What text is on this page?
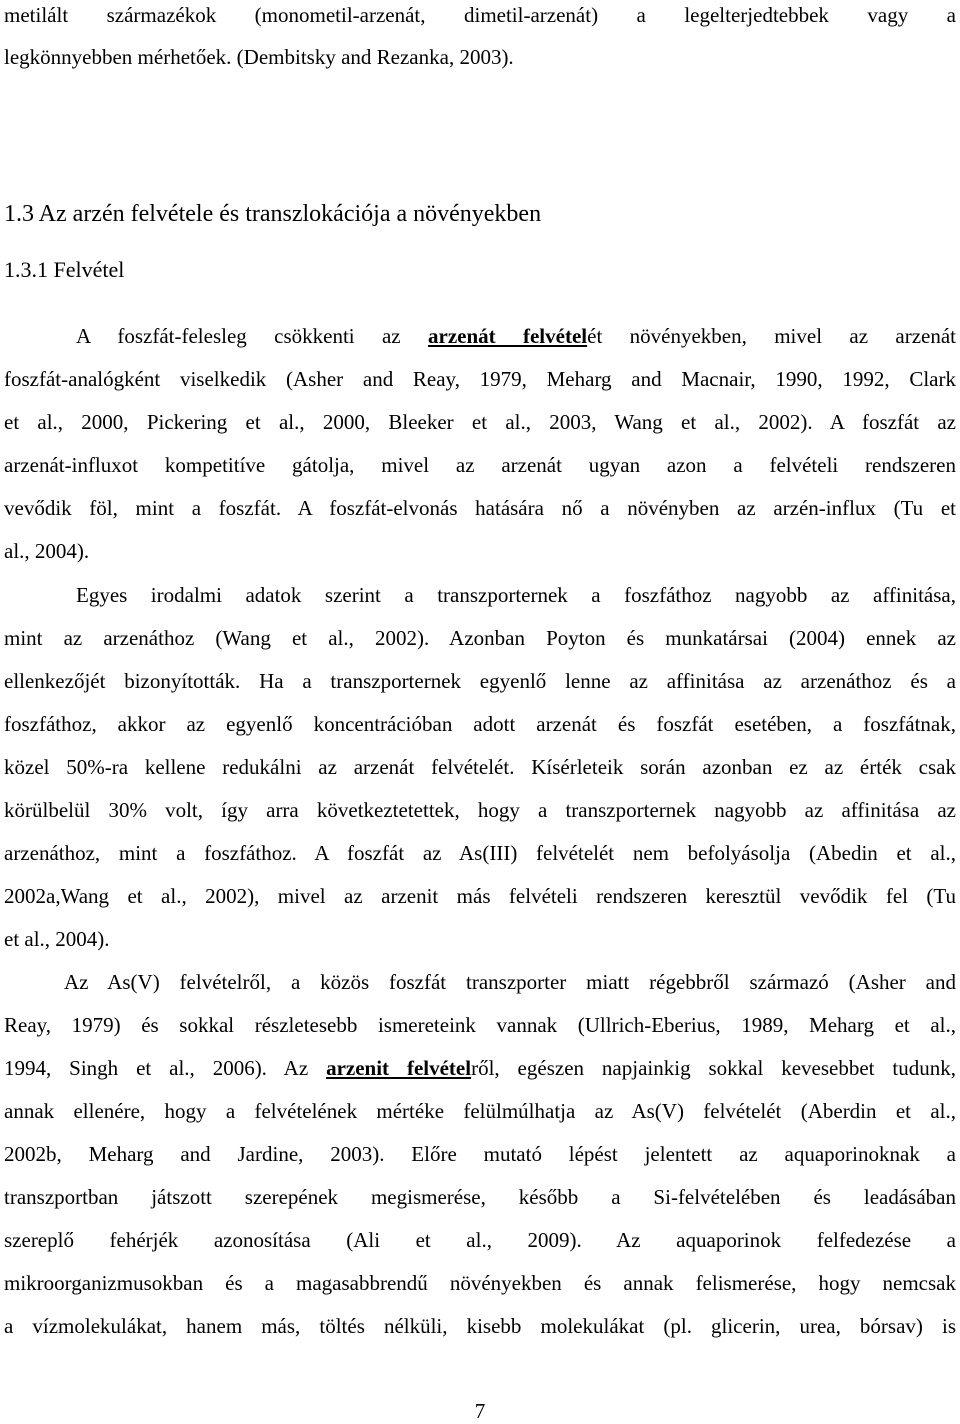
metilált származékok (monometil-arzenát, dimetil-arzenát) a legelterjedtebbek vagy a
legkönnyebben mérhetőek. (Dembitsky and Rezanka, 2003).
1.3 Az arzén felvétele és transzlokációja a növényekben
1.3.1 Felvétel
A foszfát-felesleg csökkenti az arzenát felvételét növényekben, mivel az arzenát
foszfát-analógként viselkedik (Asher and Reay, 1979, Meharg and Macnair, 1990, 1992, Clark
et al., 2000, Pickering et al., 2000, Bleeker et al., 2003, Wang et al., 2002). A foszfát az
arzenát-influxot kompetitíve gátolja, mivel az arzenát ugyan azon a felvételi rendszeren
vevődik föl, mint a foszfát. A foszfát-elvonás hatására nő a növényben az arzén-influx (Tu et
al., 2004).
Egyes irodalmi adatok szerint a transzporternek a foszfáthoz nagyobb az affinitása,
mint az arzenáthoz (Wang et al., 2002). Azonban Poyton és munkatársai (2004) ennek az
ellenkezőjét bizonyították. Ha a transzporternek egyenlő lenne az affinitása az arzenáthoz és a
foszfáthoz, akkor az egyenlő koncentrációban adott arzenát és foszfát esetében, a foszfátnak,
közel 50%-ra kellene redukálni az arzenát felvételét. Kísérleteik során azonban ez az érték csak
körülbelül 30% volt, így arra következtetettek, hogy a transzporternek nagyobb az affinitása az
arzenáthoz, mint a foszfáthoz. A foszfát az As(III) felvételét nem befolyásolja (Abedin et al.,
2002a,Wang et al., 2002), mivel az arzenit más felvételi rendszeren keresztül vevődik fel (Tu
et al., 2004).
Az As(V) felvételről, a közös foszfát transzporter miatt régebbről származó (Asher and
Reay, 1979) és sokkal részletesebb ismereteink vannak (Ullrich-Eberius, 1989, Meharg et al.,
1994, Singh et al., 2006). Az arzenit felvételről, egészen napjainkig sokkal kevesebbet tudunk,
annak ellenére, hogy a felvételének mértéke felülmúlhatja az As(V) felvételét (Aberdin et al.,
2002b, Meharg and Jardine, 2003). Előre mutató lépést jelentett az aquaporinoknak a
transzportban játszott szerepének megismerése, később a Si-felvételében és leadásában
szereplő fehérjék azonosítása (Ali et al., 2009). Az aquaporinok felfedezése a
mikroorganizmusokban és a magasabbrendű növényekben és annak felismerése, hogy nemcsak
a vízmolekulákat, hanem más, töltés nélküli, kisebb molekulákat (pl. glicerin, urea, bórsav) is
7
